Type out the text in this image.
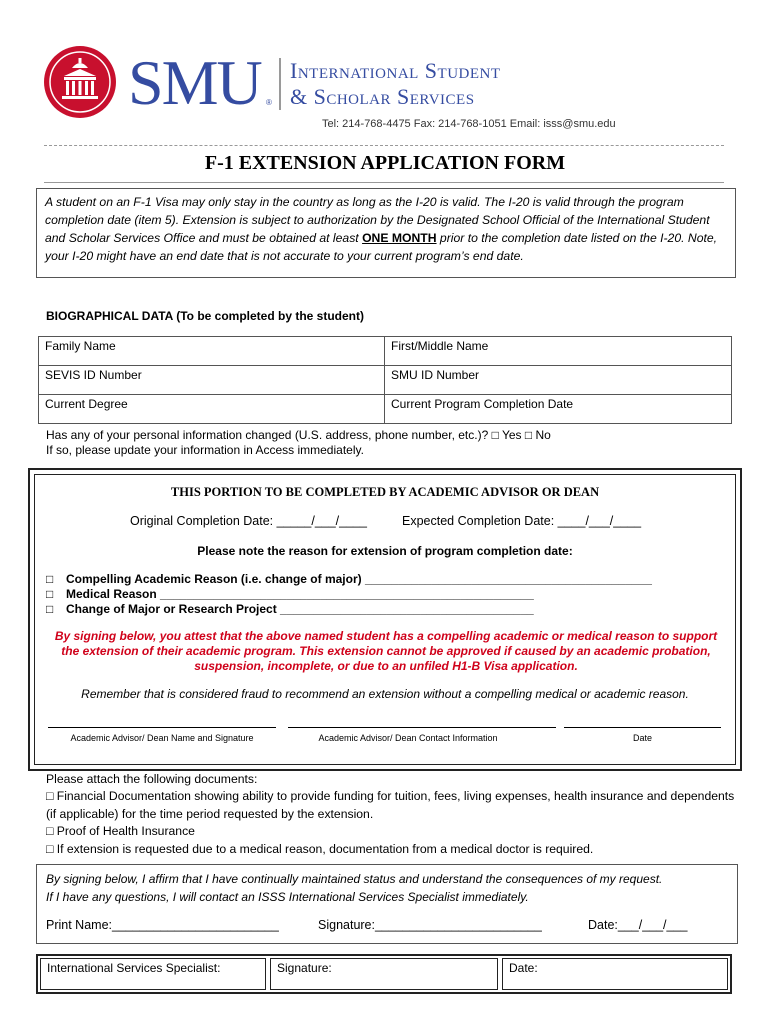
SMU ®
International Student
& Scholar Services
Tel: 214-768-4475 Fax: 214-768-1051 Email: isss@smu.edu
F-1 EXTENSION APPLICATION FORM
A student on an F-1 Visa may only stay in the country as long as the I-20 is valid. The I-20 is valid through the program completion date (item 5). Extension is subject to authorization by the Designated School Official of the International Student and Scholar Services Office and must be obtained at least ONE MONTH prior to the completion date listed on the I-20. Note, your I-20 might have an end date that is not accurate to your current program’s end date.
BIOGRAPHICAL DATA (To be completed by the student)
Family Name	First/Middle Name
SEVIS ID Number	SMU ID Number
Current Degree	Current Program Completion Date
Has any of your personal information changed (U.S. address, phone number, etc.)? □ Yes □ No
If so, please update your information in Access immediately.
THIS PORTION TO BE COMPLETED BY ACADEMIC ADVISOR OR DEAN
Original Completion Date: _____/___/____	Expected Completion Date: ____/___/____
Please note the reason for extension of program completion date:
□ Compelling Academic Reason (i.e. change of major) ___________________________________________
□ Medical Reason ________________________________________________________
□ Change of Major or Research Project ______________________________________
By signing below, you attest that the above named student has a compelling academic or medical reason to support the extension of their academic program. This extension cannot be approved if caused by an academic probation, suspension, incomplete, or due to an unfiled H1-B Visa application.
Remember that is considered fraud to recommend an extension without a compelling medical or academic reason.
Academic Advisor/ Dean Name and Signature	Academic Advisor/ Dean Contact Information	Date
Please attach the following documents:
□ Financial Documentation showing ability to provide funding for tuition, fees, living expenses, health insurance and dependents (if applicable) for the time period requested by the extension.
□ Proof of Health Insurance
□ If extension is requested due to a medical reason, documentation from a medical doctor is required.
By signing below, I affirm that I have continually maintained status and understand the consequences of my request.
If I have any questions, I will contact an ISSS International Services Specialist immediately.
Print Name:________________________	Signature:________________________	Date:___/___/___
International Services Specialist:	Signature:	Date:
